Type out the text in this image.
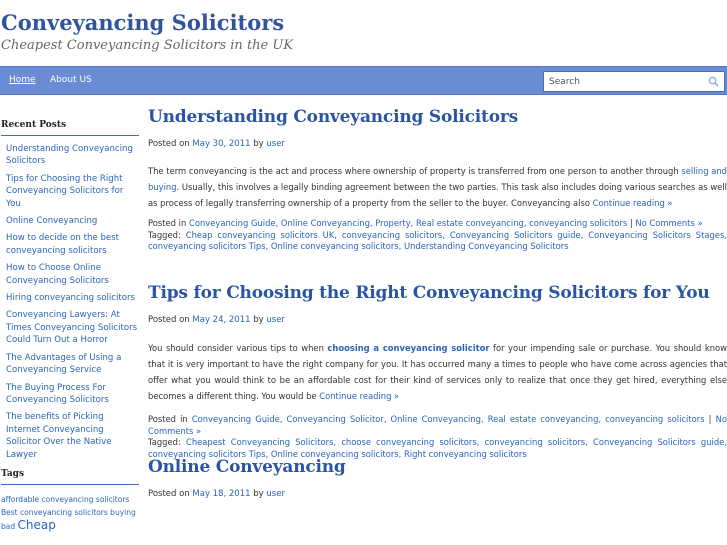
Conveyancing Solicitors
Cheapest Conveyancing Solicitors in the UK
Home About US
Search
Recent Posts
Understanding Conveyancing Solicitors
Tips for Choosing the Right Conveyancing Solicitors for You
Online Conveyancing
How to decide on the best conveyancing solicitors
How to Choose Online Conveyancing Solicitors
Hiring conveyancing solicitors
Conveyancing Lawyers: At Times Conveyancing Solicitors Could Turn Out a Horror
The Advantages of Using a Conveyancing Service
The Buying Process For Conveyancing Solicitors
The benefits of Picking Internet Conveyancing Solicitor Over the Native Lawyer
Tags
affordable conveyancing solicitors
Best conveyancing solicitors buying
bad Cheap
Understanding Conveyancing Solicitors
Posted on May 30, 2011 by user
The term conveyancing is the act and process where ownership of property is transferred from one person to another through selling and buying. Usually, this involves a legally binding agreement between the two parties. This task also includes doing various searches as well as process of legally transferring ownership of a property from the seller to the buyer. Conveyancing also Continue reading »
Posted in Conveyancing Guide, Online Conveyancing, Property, Real estate conveyancing, conveyancing solicitors | No Comments »
Tagged: Cheap conveyancing solicitors UK, conveyancing solicitors, Conveyancing Solicitors guide, Conveyancing Solicitors Stages, conveyancing solicitors Tips, Online conveyancing solicitors, Understanding Conveyancing Solicitors
Tips for Choosing the Right Conveyancing Solicitors for You
Posted on May 24, 2011 by user
You should consider various tips to when choosing a conveyancing solicitor for your impending sale or purchase. You should know that it is very important to have the right company for you. It has occurred many a times to people who have come across agencies that offer what you would think to be an affordable cost for their kind of services only to realize that once they get hired, everything else becomes a different thing. You would be Continue reading »
Posted in Conveyancing Guide, Conveyancing Solicitor, Online Conveyancing, Real estate conveyancing, conveyancing solicitors | No Comments »
Tagged: Cheapest Conveyancing Solicitors, choose conveyancing solicitors, conveyancing solicitors, Conveyancing Solicitors guide, conveyancing solicitors Tips, Online conveyancing solicitors, Right conveyancing solicitors
Online Conveyancing
Posted on May 18, 2011 by user
